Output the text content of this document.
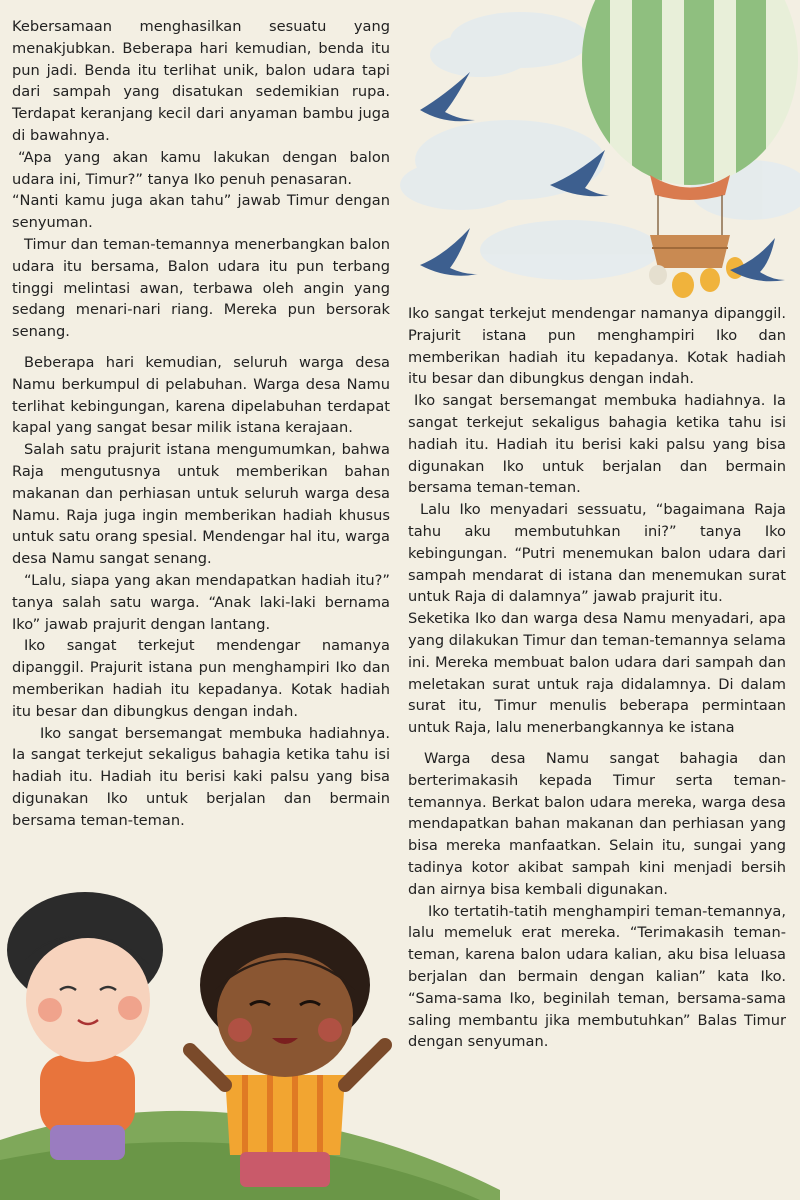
Kebersamaan menghasilkan sesuatu yang menakjubkan. Beberapa hari kemudian, benda itu pun jadi. Benda itu terlihat unik, balon udara tapi dari sampah yang disatukan sedemikian rupa. Terdapat keranjang kecil dari anyaman bambu juga di bawahnya.

“Apa yang akan kamu lakukan dengan balon udara ini, Timur?” tanya Iko penuh penasaran.

“Nanti kamu juga akan tahu” jawab Timur dengan senyuman.

Timur dan teman-temannya menerbangkan balon udara itu bersama, Balon udara itu pun terbang tinggi melintasi awan, terbawa oleh angin yang sedang menari-nari riang. Mereka pun bersorak senang.

Beberapa hari kemudian, seluruh warga desa Namu berkumpul di pelabuhan. Warga desa Namu terlihat kebingungan, karena dipelabuhan terdapat kapal yang sangat besar milik istana kerajaan.

Salah satu prajurit istana mengumumkan, bahwa Raja mengutusnya untuk memberikan bahan makanan dan perhiasan untuk seluruh warga desa Namu. Raja juga ingin memberikan hadiah khusus untuk satu orang spesial. Mendengar hal itu, warga desa Namu sangat senang.

“Lalu, siapa yang akan mendapatkan hadiah itu?” tanya salah satu warga. “Anak laki-laki bernama Iko” jawab prajurit dengan lantang.

Iko sangat terkejut mendengar namanya dipanggil. Prajurit istana pun menghampiri Iko dan memberikan hadiah itu kepadanya. Kotak hadiah itu besar dan dibungkus dengan indah.

Iko sangat bersemangat membuka hadiahnya. Ia sangat terkejut sekaligus bahagia ketika tahu isi hadiah itu. Hadiah itu berisi kaki palsu yang bisa digunakan Iko untuk berjalan dan bermain bersama teman-teman.

Iko sangat terkejut mendengar namanya dipanggil. Prajurit istana pun menghampiri Iko dan memberikan hadiah itu kepadanya. Kotak hadiah itu besar dan dibungkus dengan indah.

Iko sangat bersemangat membuka hadiahnya. Ia sangat terkejut sekaligus bahagia ketika tahu isi hadiah itu. Hadiah itu berisi kaki palsu yang bisa digunakan Iko untuk berjalan dan bermain bersama teman-teman.

Lalu Iko menyadari sessuatu, “bagaimana Raja tahu aku membutuhkan ini?” tanya Iko kebingungan. “Putri menemukan balon udara dari sampah mendarat di istana dan menemukan surat untuk Raja di dalamnya” jawab prajurit itu.

Seketika Iko dan warga desa Namu menyadari, apa yang dilakukan Timur dan teman-temannya selama ini. Mereka membuat balon udara dari sampah dan meletakan surat untuk raja didalamnya. Di dalam surat itu, Timur menulis beberapa permintaan untuk Raja, lalu menerbangkannya ke istana

Warga desa Namu sangat bahagia dan berterimakasih kepada Timur serta teman-temannya. Berkat balon udara mereka, warga desa mendapatkan bahan makanan dan perhiasan yang bisa mereka manfaatkan. Selain itu, sungai yang tadinya kotor akibat sampah kini menjadi bersih dan airnya bisa kembali digunakan.

Iko tertatih-tatih menghampiri teman-temannya, lalu memeluk erat mereka. “Terimakasih teman-teman, karena balon udara kalian, aku bisa leluasa berjalan dan bermain dengan kalian” kata Iko. “Sama-sama Iko, beginilah teman, bersama-sama saling membantu jika membutuhkan” Balas Timur dengan senyuman.
